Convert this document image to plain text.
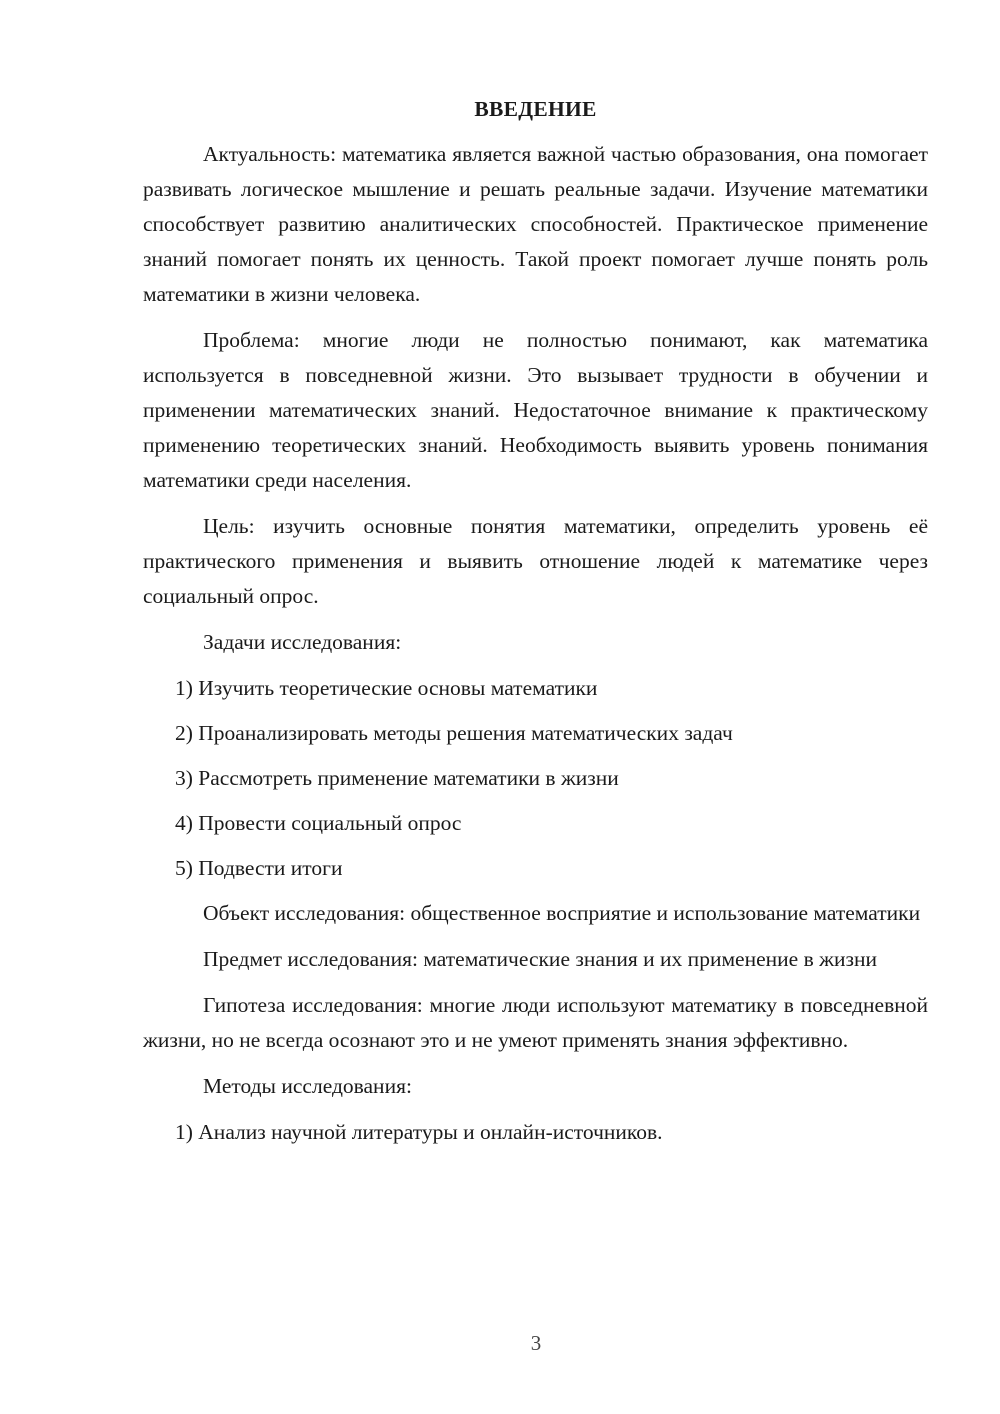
ВВЕДЕНИЕ

Актуальность: математика является важной частью образования, она помогает развивать логическое мышление и решать реальные задачи. Изучение математики способствует развитию аналитических способностей. Практическое применение знаний помогает понять их ценность. Такой проект помогает лучше понять роль математики в жизни человека.

Проблема: многие люди не полностью понимают, как математика используется в повседневной жизни. Это вызывает трудности в обучении и применении математических знаний. Недостаточное внимание к практическому применению теоретических знаний. Необходимость выявить уровень понимания математики среди населения.

Цель: изучить основные понятия математики, определить уровень её практического применения и выявить отношение людей к математике через социальный опрос.

Задачи исследования:

1) Изучить теоретические основы математики
2) Проанализировать методы решения математических задач
3) Рассмотреть применение математики в жизни
4) Провести социальный опрос
5) Подвести итоги

Объект исследования: общественное восприятие и использование математики

Предмет исследования: математические знания и их применение в жизни

Гипотеза исследования: многие люди используют математику в повседневной жизни, но не всегда осознают это и не умеют применять знания эффективно.

Методы исследования:

1) Анализ научной литературы и онлайн-источников.
3
